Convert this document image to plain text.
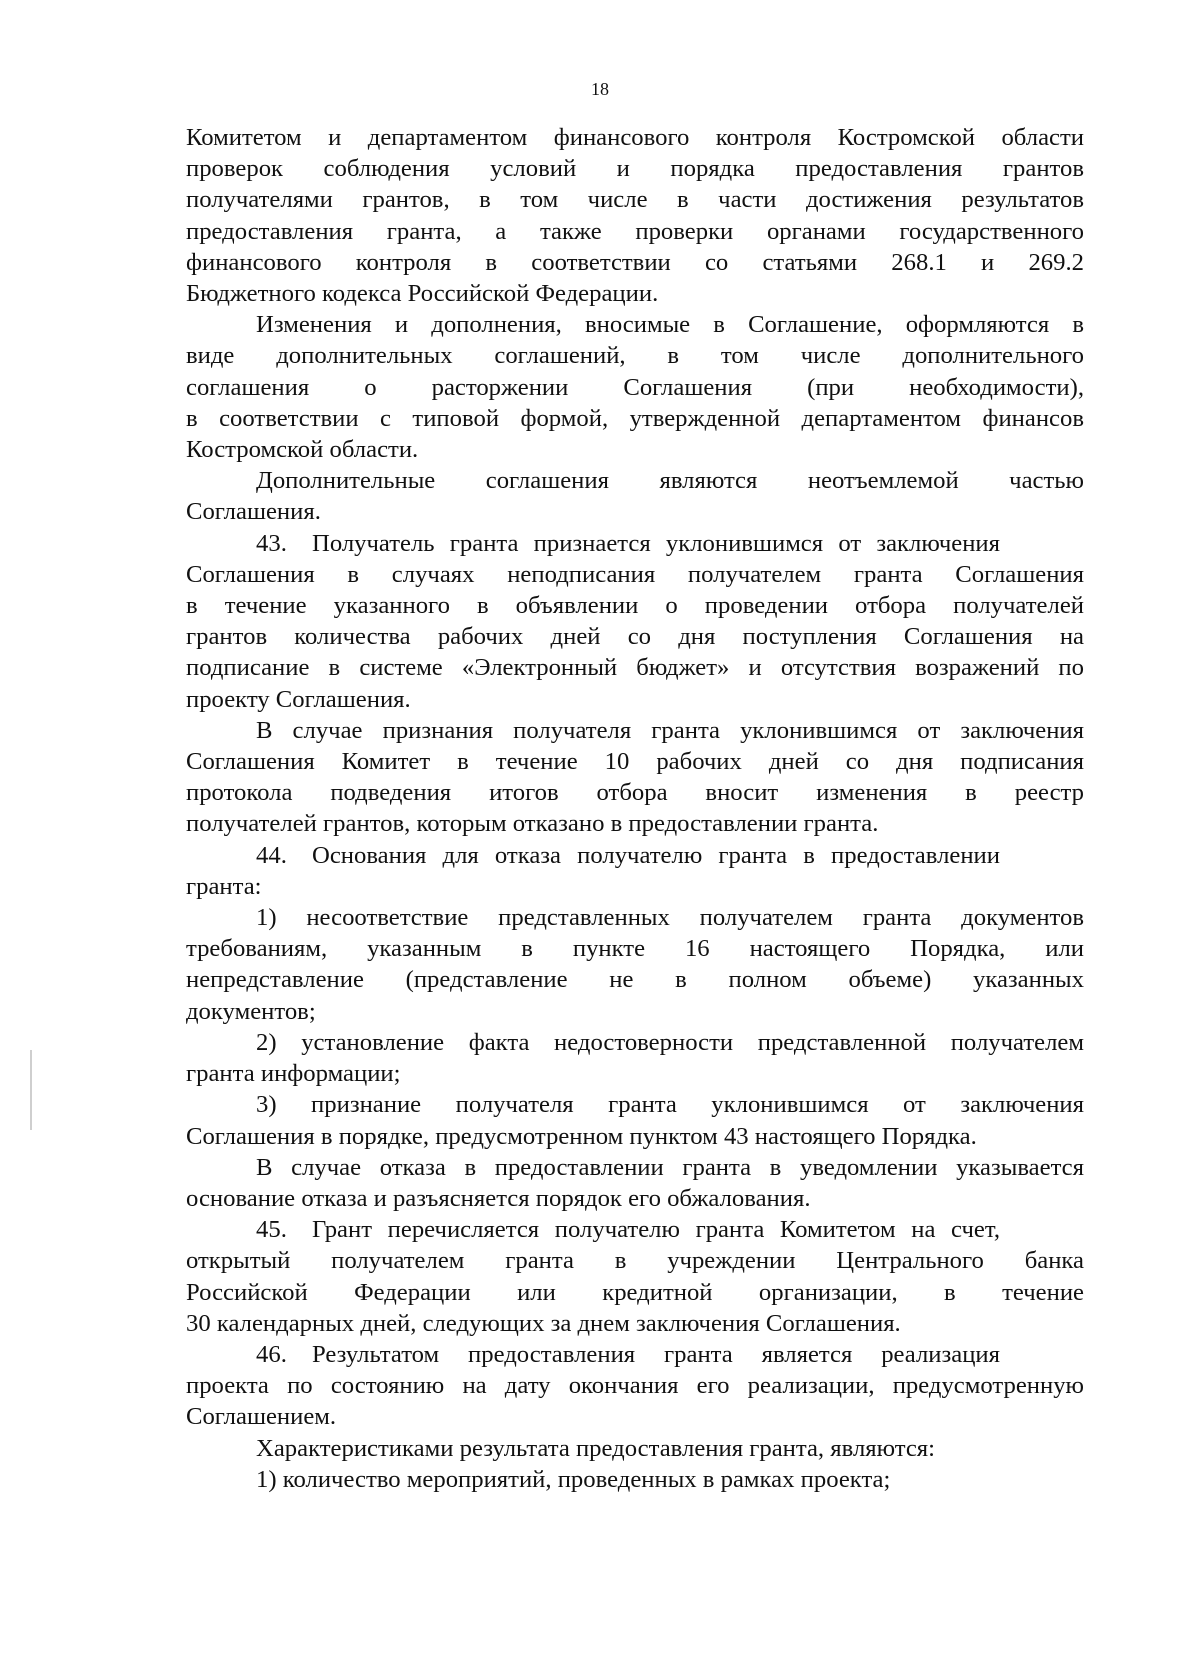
18
Комитетом и департаментом финансового контроля Костромской области
проверок соблюдения условий и порядка предоставления грантов
получателями грантов, в том числе в части достижения результатов
предоставления гранта, а также проверки органами государственного
финансового контроля в соответствии со статьями 268.1 и 269.2
Бюджетного кодекса Российской Федерации.
Изменения и дополнения, вносимые в Соглашение, оформляются в
виде дополнительных соглашений, в том числе дополнительного
соглашения о расторжении Соглашения (при необходимости),
в соответствии с типовой формой, утвержденной департаментом финансов
Костромской области.
Дополнительные соглашения являются неотъемлемой частью
Соглашения.
43. Получатель гранта признается уклонившимся от заключения
Соглашения в случаях неподписания получателем гранта Соглашения
в течение указанного в объявлении о проведении отбора получателей
грантов количества рабочих дней со дня поступления Соглашения на
подписание в системе «Электронный бюджет» и отсутствия возражений по
проекту Соглашения.
В случае признания получателя гранта уклонившимся от заключения
Соглашения Комитет в течение 10 рабочих дней со дня подписания
протокола подведения итогов отбора вносит изменения в реестр
получателей грантов, которым отказано в предоставлении гранта.
44. Основания для отказа получателю гранта в предоставлении
гранта:
1) несоответствие представленных получателем гранта документов
требованиям, указанным в пункте 16 настоящего Порядка, или
непредставление (представление не в полном объеме) указанных
документов;
2) установление факта недостоверности представленной получателем
гранта информации;
3) признание получателя гранта уклонившимся от заключения
Соглашения в порядке, предусмотренном пунктом 43 настоящего Порядка.
В случае отказа в предоставлении гранта в уведомлении указывается
основание отказа и разъясняется порядок его обжалования.
45. Грант перечисляется получателю гранта Комитетом на счет,
открытый получателем гранта в учреждении Центрального банка
Российской Федерации или кредитной организации, в течение
30 календарных дней, следующих за днем заключения Соглашения.
46. Результатом предоставления гранта является реализация
проекта по состоянию на дату окончания его реализации, предусмотренную
Соглашением.
Характеристиками результата предоставления гранта, являются:
1) количество мероприятий, проведенных в рамках проекта;
